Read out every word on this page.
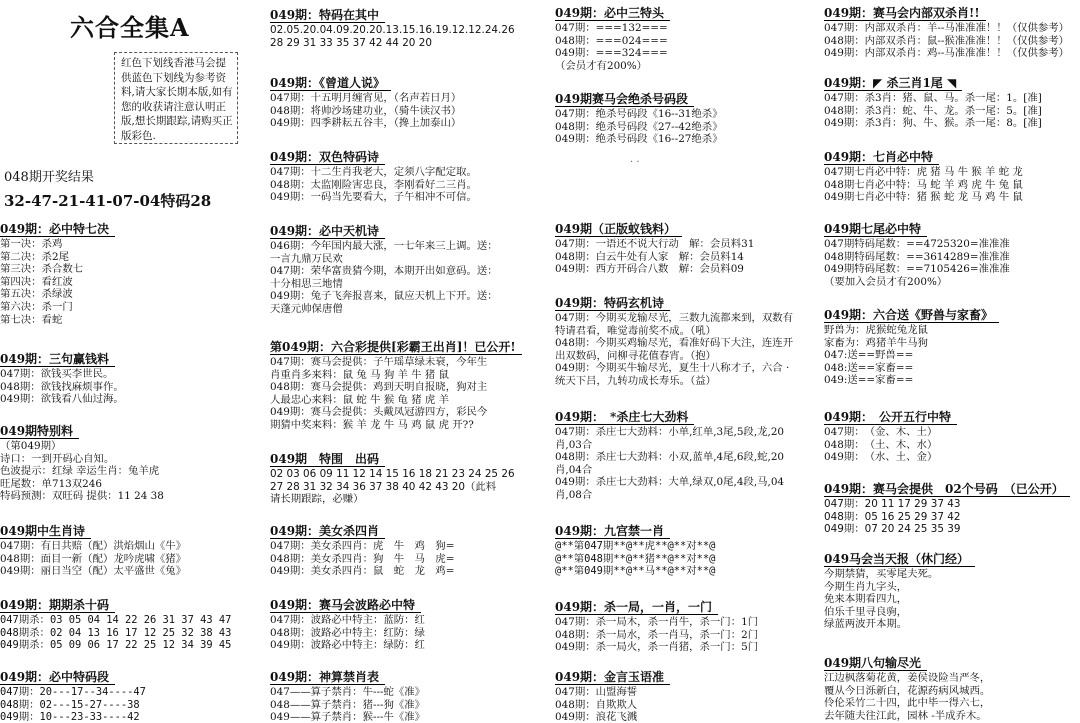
六合全集A
红色下划线香港马会提供蓝色下划线为参考资料,请大家长期本版,如有您的收获请注意认明正版,想长期跟踪,请购买正版彩色.
048期开奖结果
32-47-21-41-07-04特码28
049期：必中特七决
第一决：杀鸡
第二决：杀2尾
第三决：杀合数七
第四决：看红波
第五决：杀绿波
第六决：杀一门
第七决：看蛇
049期：三句赢钱料
047期：欲钱买李世民。
048期：欲钱找麻烦事作。
049期：欲钱看八仙过海。
049期特别料
（第049期）
诗口：一到开码心自知。
色波提示：红绿 幸运生肖：兔羊虎
旺尾数：单713双246
特码预测：双旺码 提供：11 24 38
049期中生肖诗
047期：有日共赔（配）洪焰烟山《牛》
048期：面目一新（配）龙吟虎啸《猪》
049期：丽日当空（配）太平盛世《兔》
049期：期期杀十码
047期杀：03 05 04 14 22 26 31 37 43 47
048期杀：02 04 13 16 17 12 25 32 38 43
049期杀：05 09 06 17 22 25 12 34 39 45
049期：必中特码段
047期：20---17--34----47
048期：02---15-27----38
049期：10---23-33----42
049期：特码在其中
02.05.20.04.09.20.20.13.15.16.19.12.12.24.26
28 29 31 33 35 37 42 44 20 20
049期：《曾道人说》
047期：十五明月缠宵见，（名声若日月）
048期：将帅沙场建功业，（骑牛读汉书）
049期：四季耕耘五谷丰，（搀上加泰山）
049期：双色特码诗
047期：十二生肖我老大，定须八字配定取。
048期：太监刚险害忠良，李刚看好二三肖。
049期：一码当先要看大，子午相冲不可信。
049期：必中天机诗
046期：今年国内最大涨，一七年来三上调。送：
一言九鼎万民欢
047期：荣华富贵猜今期，本期开出如意码。送：
十分相思三地情
049期：兔子飞奔报喜来，鼠应天机上下开。送：
天蓬元帅保唐僧
第049期：六合彩提供[彩霸王出肖]！已公开!
047期：赛马会提供：子午瑶草绿未衰，今年生
肖重肖多来料：鼠 兔 马 狗 羊 牛 猪 鼠
048期：赛马会提供：鸡到天明自报晓，狗对主
人最忠心来料：鼠 蛇 牛 猴 龟 猪 虎 羊
049期：赛马会提供：头戴凤冠游四方，彩民今
期猜中奖来料：猴 羊 龙 牛 马 鸡 鼠 虎 开??
049期　特围　出码
02 03 06 09 11 12 14 15 16 18 21 23 24 25 26
27 28 31 32 34 36 37 38 40 42 43 20（此料
请长期跟踪，必赚）
049期：美女杀四肖
047期：美女杀四肖：虎　牛　鸡　狗=
048期：美女杀四肖：狗　牛　马　虎=
049期：美女杀四肖：鼠　蛇　龙　鸡=
049期：赛马会波路必中特
047期：波路必中特主：蓝防：红
048期：波路必中特主：红防：绿
049期：波路必中特主：绿防：红
049期：神算禁肖表
047——算子禁肖：牛---蛇《准》
048——算子禁肖：猪---狗《准》
049——算子禁肖：猴---牛《准》
049期：必中三特头
047期：===132===
048期：===024===
049期：===324===
（会员才有200%）
049期赛马会绝杀号码段
047期：绝杀号码段《16--31绝杀》
048期：绝杀号码段《27--42绝杀》
049期：绝杀号码段《16--27绝杀》
049期（正版蚁钱料）
047期：一语还不说大行动　解：会员料31
048期：白云牛处有人家　解：会员料14
049期：西方开码合八数　解：会员料09
049期：特码玄机诗
047期：今期买龙输尽光，三数九流都来到，双数有
特请君看，唯觉毒前奖不成。（吼）
048期：今期买鸡输尽光，看准好码下大注，连连开
出双数码，问柳寻花值春宵。（抱）
049期：今期买牛输尽光，夏生十八称才子，六合 ·
统天下吕，九转功成长寿乐。（益）
049期：　*杀庄七大劲料
047期：杀庄七大劲料：小单,红单,3尾,5段,龙,20
肖,03合
048期：杀庄七大劲料：小双,蓝单,4尾,6段,蛇,20
肖,04合
049期：杀庄七大劲料：大单,绿双,0尾,4段,马,04
肖,08合
049期：九宫禁一肖
@**第047期**@**虎**@**对**@
@**第048期**@**猪**@**对**@
@**第049期**@**马**@**对**@
049期：杀一局，一肖，一门
047期：杀一局木，杀一肖牛，杀一门：1门
048期：杀一局水，杀一肖马，杀一门：2门
049期：杀一局火，杀一肖猪，杀一门：5门
049期：金言玉语准
047期：山盟海誓
048期：自欺欺人
049期：浪花飞溅
· ·
049期：赛马会内部双杀肖!!
047期：内部双杀肖：羊--马准准准！！（仅供参考）
048期：内部双杀肖：鼠--猴准准准！！（仅供参考）
049期：内部双杀肖：鸡--马准准准！！（仅供参考）
049期：◤ 杀三肖1尾 ◥
047期：杀3肖：猪、鼠、马。杀一尾：1。[准]
048期：杀3肖：蛇、牛、龙。杀一尾：5。[准]
049期：杀3肖：狗、牛、猴。杀一尾：8。[准]
049期：七肖必中特
047期七肖必中特：虎 猪 马 牛 猴 羊 蛇 龙
048期七肖必中特：马 蛇 羊 鸡 虎 牛 兔 鼠
049期七肖必中特：猪 猴 蛇 龙 马 鸡 牛 鼠
049期七尾必中特
047期特码尾数：==4725320=准准准
048期特码尾数：==3614289=准准准
049期特码尾数：==7105426=准准准
（要加入会员才有200%）
049期：六合送《野兽与家畜》
野兽为：虎猴蛇兔龙鼠
家畜为：鸡猪羊牛马狗
047:送==野兽==
048:送==家畜==
049:送==家畜==
049期：　公开五行中特
047期：　（金、木、土）
048期：　（土、木、水）
049期：　（水、土、金）
049期：赛马会提供　02个号码　（已公开）
047期：20 11 17 29 37 43
048期：05 16 25 29 37 42
049期：07 20 24 25 35 39
049马会当天报（休门经）
今期禁猜，买零尾夫死。
今期生肖九字头，
免来本期看四九，
伯乐千里寻良驹，
绿蓝两波开本期。
049期八句输尽光
江边枫落菊花黄，姜侯设险当严冬，
覆从今日泺新白，花源药病风城西。
伶伦采竹二十四，此中毕一得六七，
去年随夫往江此，园林 -半成乔木。
